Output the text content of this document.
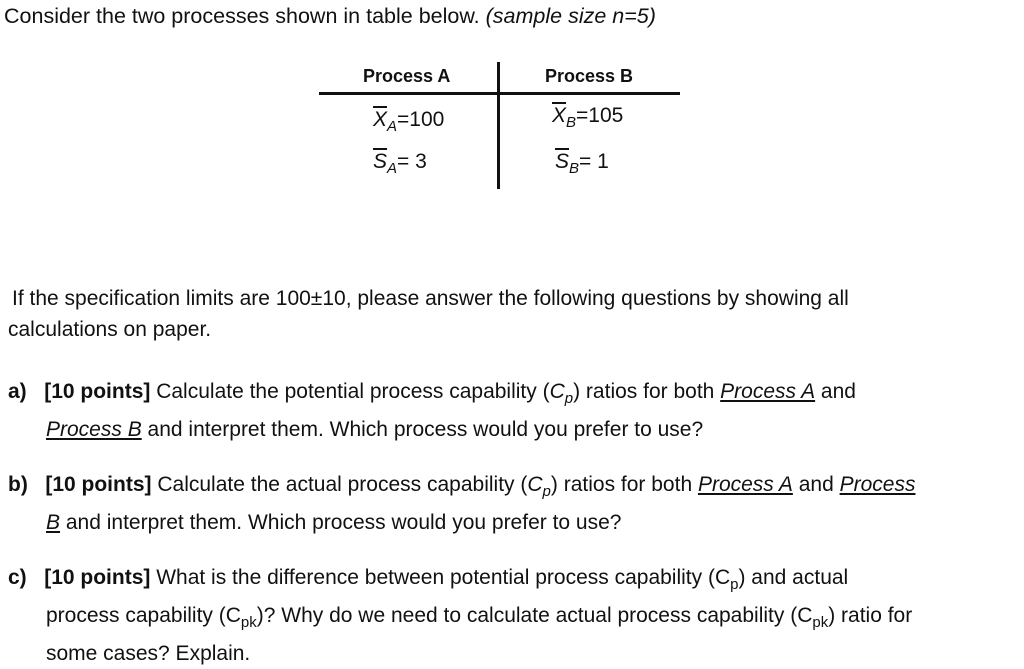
Consider the two processes shown in table below. (sample size n=5)
Process A	Process B
$\overline{X}_A=100$	$\overline{X}_B=105$
$\overline{S}_A= 3$	$\overline{S}_B= 1$
If the specification limits are 100±10, please answer the following questions by showing all
calculations on paper.
a) [10 points] Calculate the potential process capability $(C_p)$ ratios for both Process A and
Process B and interpret them. Which process would you prefer to use?
b) [10 points] Calculate the actual process capability $(C_p)$ ratios for both Process A and Process
B and interpret them. Which process would you prefer to use?
c) [10 points] What is the difference between potential process capability $(C_p)$ and actual
process capability $(C_{pk})$? Why do we need to calculate actual process capability $(C_{pk})$ ratio for
some cases? Explain.
